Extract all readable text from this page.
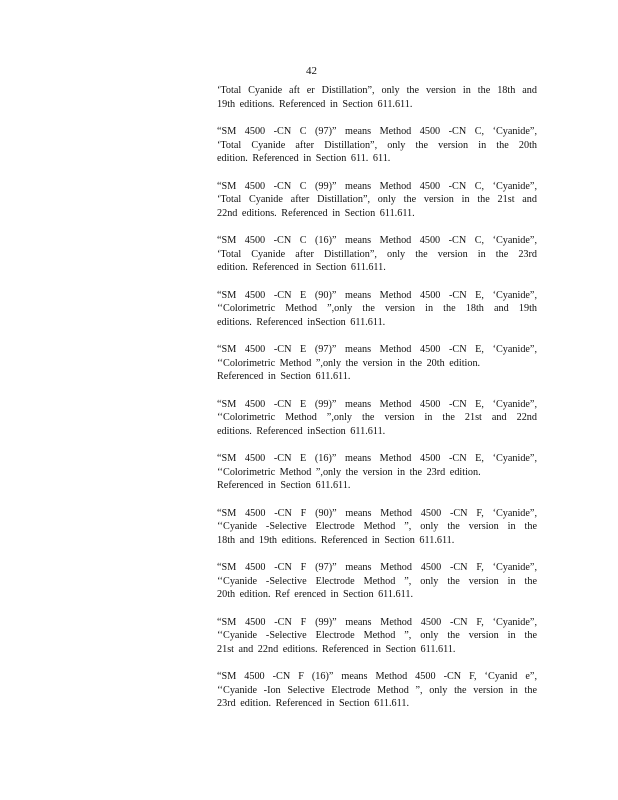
42
‘Total Cyanide aft er Distillation”, only the version in the 18th and
19th editions. Referenced in Section 611.611.
“SM 4500 -CN C (97)” means Method 4500 -CN C, ‘Cyanide”,
‘Total Cyanide after Distillation”, only the version in the 20th
edition. Referenced in Section 611. 611.
“SM 4500 -CN C (99)” means Method 4500 -CN C, ‘Cyanide”,
‘Total Cyanide after Distillation”, only the version in the 21st and
22nd editions. Referenced in Section 611.611.
“SM 4500 -CN C (16)” means Method 4500 -CN C, ‘Cyanide”,
‘Total Cyanide after Distillation”, only the version in the 23rd
edition. Referenced in Section 611.611.
“SM 4500 -CN E (90)” means Method 4500 -CN E, ‘Cyanide”,
‘‘Colorimetric Method ”,only the version in the 18th and 19th
editions. Referenced inSection 611.611.
“SM 4500 -CN E (97)” means Method 4500 -CN E, ‘Cyanide”,
‘‘Colorimetric Method ”,only the version in the 20th edition.
Referenced in Section 611.611.
“SM 4500 -CN E (99)” means Method 4500 -CN E, ‘Cyanide”,
‘‘Colorimetric Method ”,only the version in the 21st and 22nd
editions. Referenced inSection 611.611.
“SM 4500 -CN E (16)” means Method 4500 -CN E, ‘Cyanide”,
‘‘Colorimetric Method ”,only the version in the 23rd edition.
Referenced in Section 611.611.
“SM 4500 -CN F (90)” means Method 4500 -CN F, ‘Cyanide”,
‘‘Cyanide -Selective Electrode Method ”, only the version in the
18th and 19th editions. Referenced in Section 611.611.
“SM 4500 -CN F (97)” means Method 4500 -CN F, ‘Cyanide”,
‘‘Cyanide -Selective Electrode Method ”, only the version in the
20th edition. Ref erenced in Section 611.611.
“SM 4500 -CN F (99)” means Method 4500 -CN F, ‘Cyanide”,
‘‘Cyanide -Selective Electrode Method ”, only the version in the
21st and 22nd editions. Referenced in Section 611.611.
“SM 4500 -CN F (16)” means Method 4500 -CN F, ‘Cyanid e”,
‘‘Cyanide -Ion Selective Electrode Method ”, only the version in the
23rd edition. Referenced in Section 611.611.
